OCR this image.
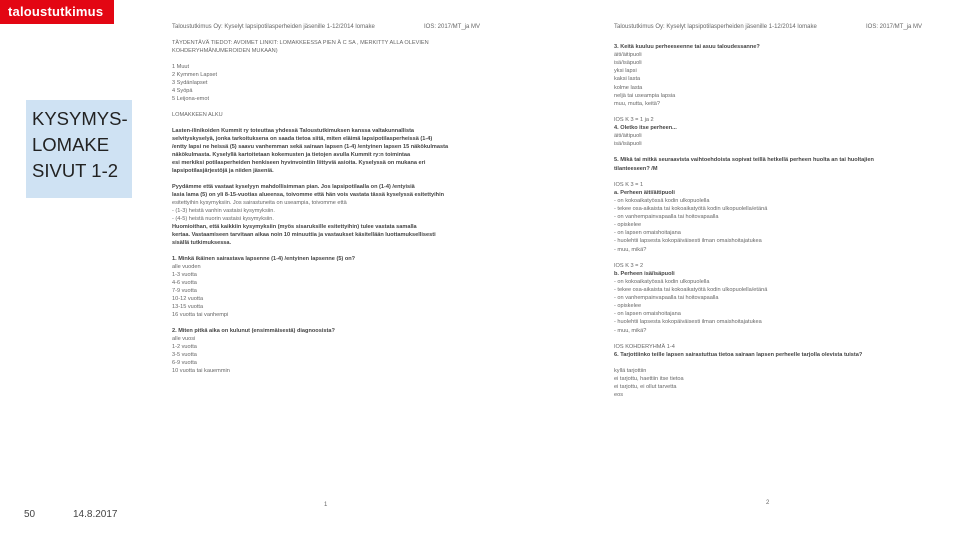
taloustutkimus
KYSYMYS-
LOMAKE
SIVUT 1-2
50	14.8.2017
Taloustutkimus Oy: Kyselyt lapsipotilasperheiden jäsenille 1-12/2014 lomake	IOS: 2017/MT_ja MV
TÄYDENTÄVÄ TIEDOT: AVOIMET LINKIT: LOMAKKEESSA PIEN Ä C SA , MERKITTY ALLA OLEVIEN
KOHDERYHMÄNUMEROIDEN MUKAAN)
1 Muut
2 Kymmen Lapset
3 Sydänlapset
4 Syöpä
5 Leijona-emot
LOMAKKEEN ALKU
Lasten-ilinikoiden Kummit ry toteuttaa yhdessä Taloustutkimuksen kanssa valtakunnallista
selvityskyselyä, jonka tarkoituksena on saada tietoa siitä, miten eläimä lapsipotilasperheissä (1-4)
/entty lapsi ne heissä (5) saavu vanhemman sekä sairaan lapsen (1-4) /entyinen lapsen 15 näkökulmasta
näkökulmasta. Kyselyllä kartoitetaan kokemusten ja tietojen avulla Kummit ry:n toimintaa
esi merkiksi potilasperheiden henkiseen hyvinvointiin liittyviä asioita. Kyselyssä on mukana eri
lapsipotilasjärjestöjä ja niiden jäseniä.
Pyydämme että vastaat kyselyyn mahdollisimman pian. Jos lapsipotilaalla on (1-4) /entyisiä
lasia lama (5) on yli 8-15-vuotias alueensa, toivomme että hän vois vastata tässä kyselyssä esitettyihin
esitettyihin kysymyksiin. Jos sairastuneita on useampia, toivomme että
- (1-3) heistä vanhin vastaisi kysymyksiin.
- (4-5) heistä nuorin vastaisi kysymyksiin.
Huomioithan, että kaikkiin kysymyksiin (myös sisaruksille esitettyihin) tulee vastata samalla
kertaa. Vastaamiseen tarvitaan aikaa noin 10 minuuttia ja vastaukset käsitellään luottamuksellisesti
sisällä tutkimuksessa.
1. Minkä ikäinen sairastava lapsenne (1-4) /entyinen lapsenne (5) on?
alle vuoden
1-3 vuotta
4-6 vuotta
7-9 vuotta
10-12 vuotta
13-15 vuotta
16 vuotta tai vanhempi
2. Miten pitkä aika on kulunut (ensimmäisestä) diagnoosista?
alle vuosi
1-2 vuotta
3-5 vuotta
6-9 vuotta
10 vuotta tai kauemmin
1
Taloustutkimus Oy: Kyselyt lapsipotilasperheiden jäsenille 1-12/2014 lomake	IOS: 2017/MT_ja MV
3. Keitä kuuluu perheeseenne tai asuu taloudessanne?
äiti/äitipuoli
isä/isäpuoli
yksi lapsi
kaksi lasta
kolme lasta
neljä tai useampia lapsia
muu, mutta, keitä?
IOS K 3 = 1 ja 2
4. Oletko itse perheen...
äiti/äitipuoli
isä/isäpuoli
5. Mikä tai mitkä seuraavista vaihtoehdoista sopivat teillä hetkellä perheen huolta an tai huoltajien
tilanteeseen? /M
IOS K 3 = 1
a. Perheen äiti/äitipuoli
- on kokoaikatyössä kodin ulkopuolella
- tekee osa-aikaista tai kokoaikatyötä kodin ulkopuolella/etänä
- on vanhempainvapaalla tai hoitovapaalla
- opiskelee
- on lapsen omaishoitajana
- huolehtii lapsesta kokopäiväisesti ilman omaishoitajatukea
- muu, mikä?
IOS K 3 = 2
b. Perheen isä/isäpuoli
- on kokoaikatyössä kodin ulkopuolella
- tekee osa-aikaista tai kokoaikatyötä kodin ulkopuolella/etänä
- on vanhempainvapaalla tai hoitovapaalla
- opiskelee
- on lapsen omaishoitajana
- huolehtii lapsesta kokopäiväisesti ilman omaishoitajatukea
- muu, mikä?
IOS KOHDERYHMÄ 1-4
6. Tarjottiinko teille lapsen sairastuttua tietoa sairaan lapsen perheelle tarjolla olevista tuista?
kyllä tarjottiin
ei tarjottu, haettiin itse tietoa
ei tarjottu, ei ollut tarvetta
eos
2
